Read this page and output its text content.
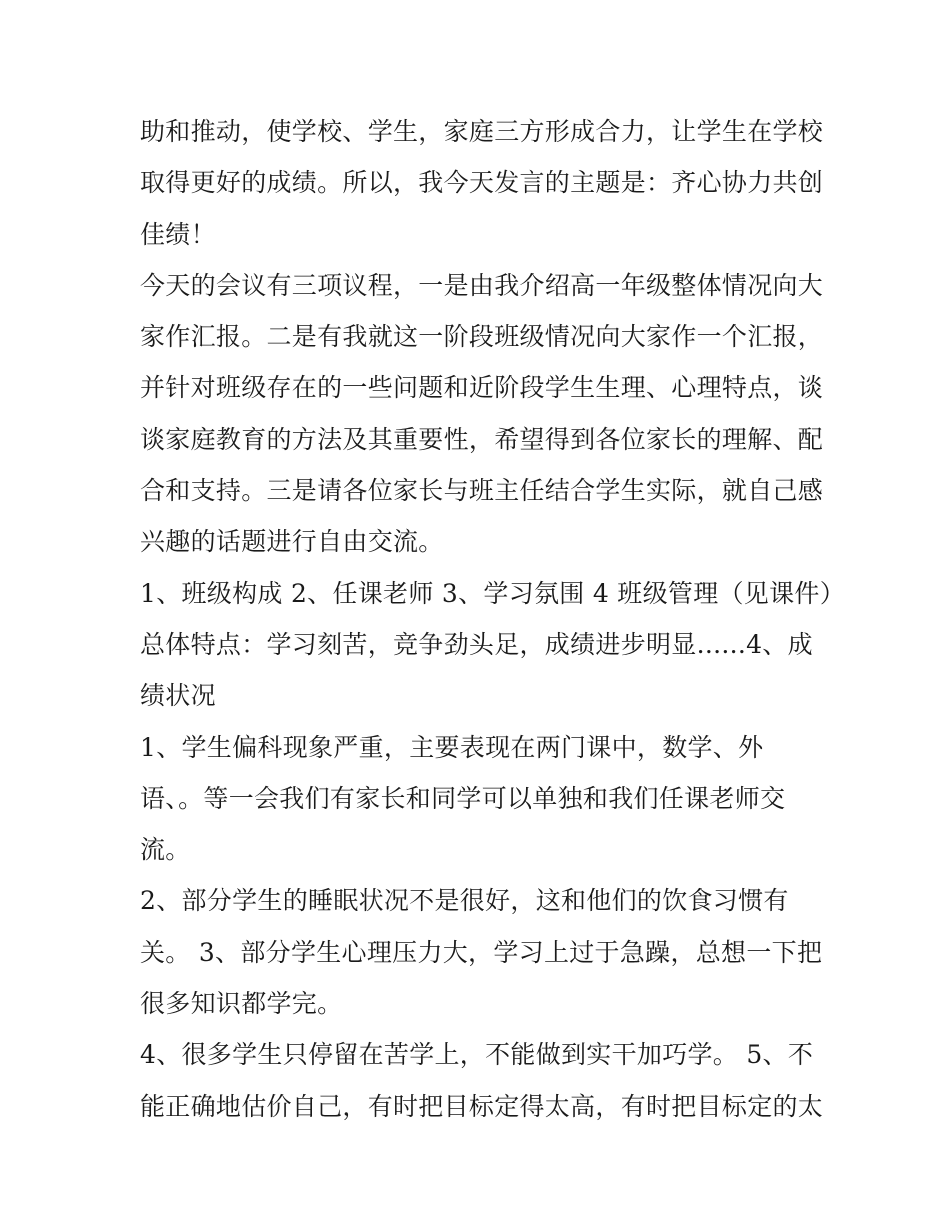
助和推动，使学校、学生，家庭三方形成合力，让学生在学校
取得更好的成绩。所以，我今天发言的主题是：齐心协力共创
佳绩！
今天的会议有三项议程，一是由我介绍高一年级整体情况向大
家作汇报。二是有我就这一阶段班级情况向大家作一个汇报，
并针对班级存在的一些问题和近阶段学生生理、心理特点，谈
谈家庭教育的方法及其重要性，希望得到各位家长的理解、配
合和支持。三是请各位家长与班主任结合学生实际，就自己感
兴趣的话题进行自由交流。
1、班级构成 2、任课老师 3、学习氛围 4 班级管理（见课件）
总体特点：学习刻苦，竞争劲头足，成绩进步明显......4、成
绩状况
1、学生偏科现象严重，主要表现在两门课中，数学、外
语、。等一会我们有家长和同学可以单独和我们任课老师交
流。
2、部分学生的睡眠状况不是很好，这和他们的饮食习惯有
关。 3、部分学生心理压力大，学习上过于急躁，总想一下把
很多知识都学完。
4、很多学生只停留在苦学上，不能做到实干加巧学。 5、不
能正确地估价自己，有时把目标定得太高，有时把目标定的太
